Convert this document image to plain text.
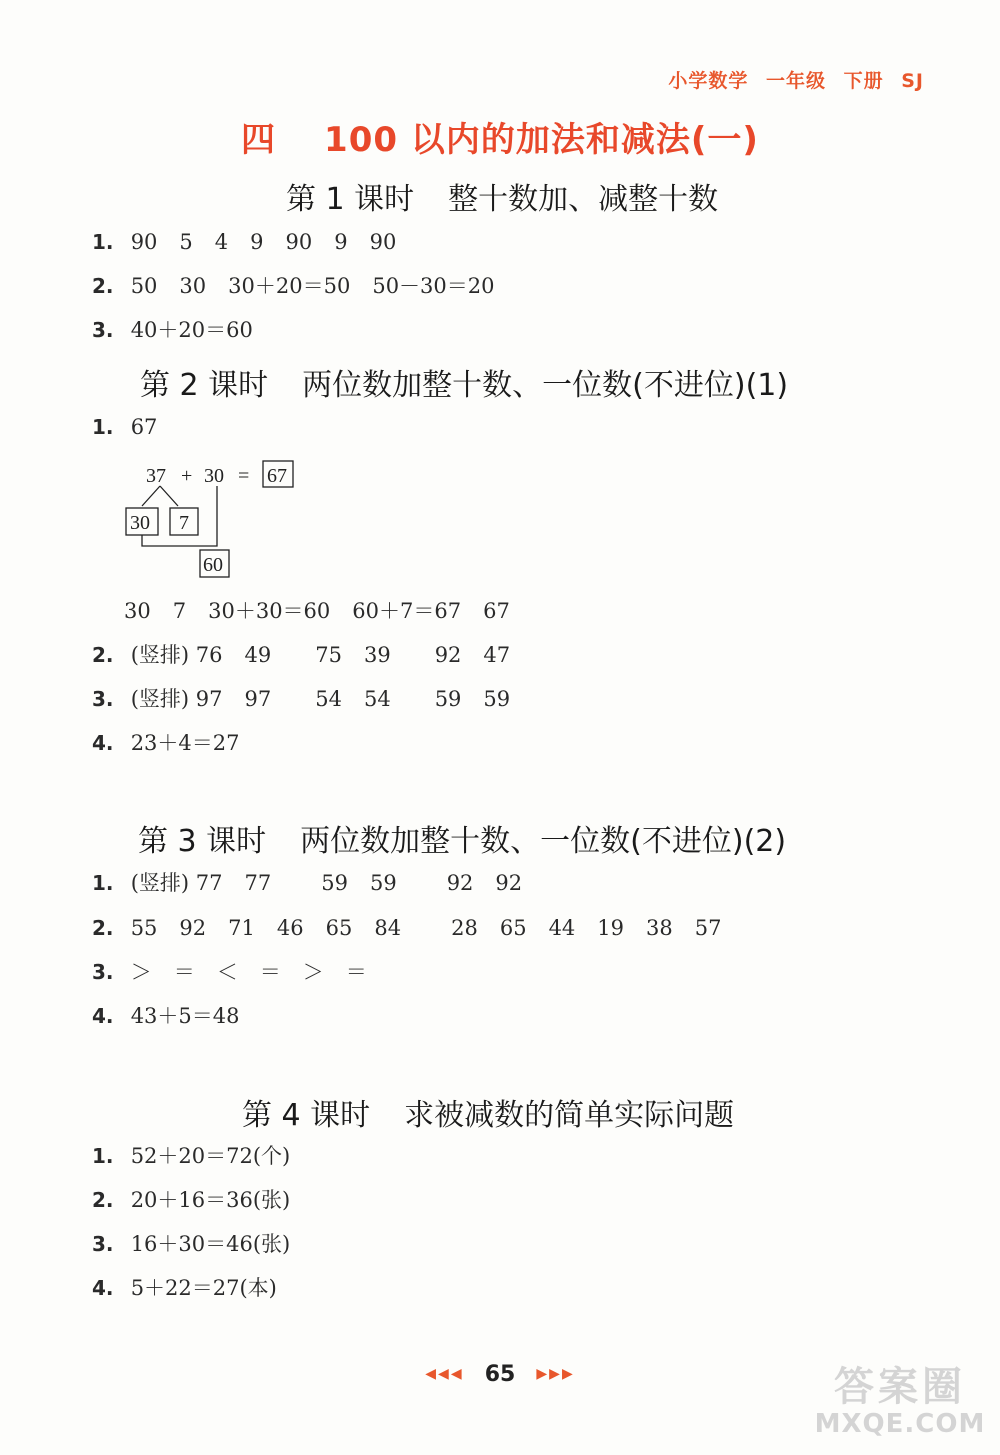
小学数学 一年级 下册 SJ
四 100 以内的加法和减法(一)
第 1 课时 整十数加、减整十数
1. 90 5 4 9 90 9 90
2. 50 30 30＋20＝50 50－30＝20
3. 40＋20＝60
第 2 课时 两位数加整十数、一位数(不进位)(1)
1. 67
37 + 30 = 67
30 7
60
30 7 30＋30＝60 60＋7＝67 67
2. (竖排) 76 49 75 39 92 47
3. (竖排) 97 97 54 54 59 59
4. 23＋4＝27
第 3 课时 两位数加整十数、一位数(不进位)(2)
1. (竖排) 77 77 59 59 92 92
2. 55 92 71 46 65 84 28 65 44 19 38 57
3. ＞ ＝ ＜ ＝ ＞ ＝
4. 43＋5＝48
第 4 课时 求被减数的简单实际问题
1. 52＋20＝72(个)
2. 20＋16＝36(张)
3. 16＋30＝46(张)
4. 5＋22＝27(本)
◀◀◀ 65 ▶▶▶	答案圈
MXQE.COM
